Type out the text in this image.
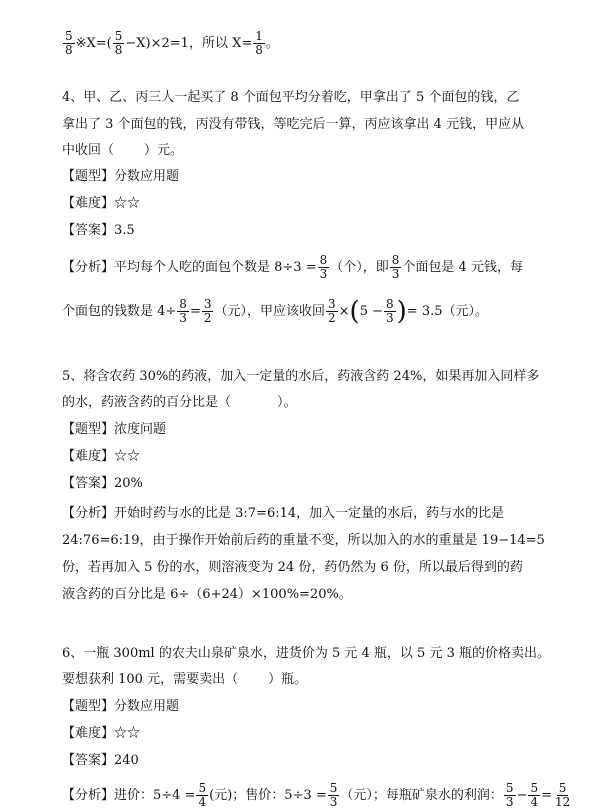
$\frac{5}{8}$ ※X=( $\frac{5}{8} -X)\times 2=1$，所以 $X= \frac{1}{8}$ 。
4、甲、乙、丙三人一起买了 8 个面包平均分着吃，甲拿出了 5 个面包的钱，乙
拿出了 3 个面包的钱，丙没有带钱，等吃完后一算，丙应该拿出 4 元钱，甲应从
中收回（ ）元。
【题型】分数应用题
【难度】☆☆
【答案】3.5
【分析】平均每个人吃的面包个数是 $8\div 3 = \frac{8}{3}$ （个），即 $\frac{8}{3}$ 个面包是 4 元钱，每
个面包的钱数是 $4\div \frac{8}{3} = \frac{3}{2}$ （元），甲应该收回 $\frac{3}{2} \times(5 - \frac{8}{3}$ )= 3.5（元）。
5、将含农药 30%的药液，加入一定量的水后，药液含药 24%，如果再加入同样多
的水，药液含药的百分比是（	）。
【题型】浓度问题
【难度】☆☆
【答案】20%
【分析】开始时药与水的比是 3:7=6:14，加入一定量的水后，药与水的比是
24:76=6:19，由于操作开始前后药的重量不变，所以加入的水的重量是 19−14=5
份，若再加入 5 份的水，则溶液变为 24 份，药仍然为 6 份，所以最后得到的药
液含药的百分比是 6÷（6+24）×100%=20%。
6、一瓶 300ml 的农夫山泉矿泉水，进货价为 5 元 4 瓶，以 5 元 3 瓶的价格卖出。
要想获利 100 元，需要卖出（ ）瓶。
【题型】分数应用题
【难度】☆☆
【答案】240
【分析】进价：$5\div 4 = \frac{5}{4}$ (元)；售价：$5\div 3 = \frac{5}{3}$ （元）；每瓶矿泉水的利润： $\frac{5}{3} - \frac{5}{4} = \frac{5}{12}$
